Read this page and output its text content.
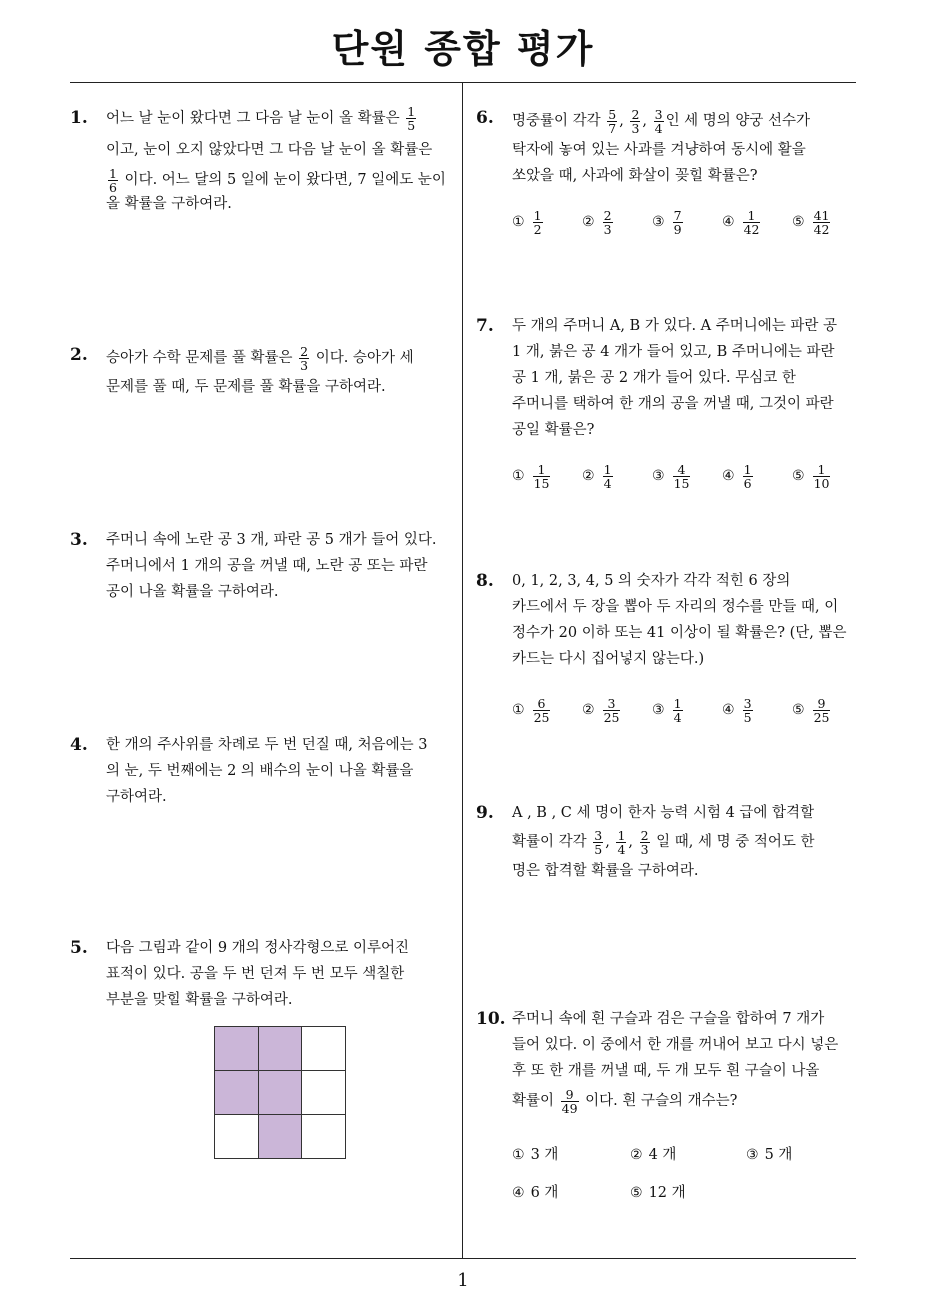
단원 종합 평가
1. 어느 날 눈이 왔다면 그 다음 날 눈이 올 확률은 $\frac{1}{5}$
이고, 눈이 오지 않았다면 그 다음 날 눈이 올 확률은
$\frac{1}{6}$ 이다. 어느 달의 5 일에 눈이 왔다면, 7 일에도 눈이
올 확률을 구하여라.
2. 승아가 수학 문제를 풀 확률은 $\frac{2}{3}$ 이다. 승아가 세
문제를 풀 때, 두 문제를 풀 확률을 구하여라.
3. 주머니 속에 노란 공 3 개, 파란 공 5 개가 들어 있다.
주머니에서 1 개의 공을 꺼낼 때, 노란 공 또는 파란
공이 나올 확률을 구하여라.
4. 한 개의 주사위를 차례로 두 번 던질 때, 처음에는 3
의 눈, 두 번째에는 2 의 배수의 눈이 나올 확률을
구하여라.
5. 다음 그림과 같이 9 개의 정사각형으로 이루어진
표적이 있다. 공을 두 번 던져 두 번 모두 색칠한
부분을 맞힐 확률을 구하여라.

6. 명중률이 각각 $\frac{5}{7}$ , $\frac{2}{3}$ , $\frac{3}{4}$ 인 세 명의 양궁 선수가
탁자에 놓여 있는 사과를 겨냥하여 동시에 활을
쏘았을 때, 사과에 화살이 꽂힐 확률은?
① $\frac{1}{2}$	② $\frac{2}{3}$	③ $\frac{7}{9}$	④ $\frac{1}{42}$ ⑤ $\frac{41}{42}$
7. 두 개의 주머니 A, B 가 있다. A 주머니에는 파란 공
1 개, 붉은 공 4 개가 들어 있고, B 주머니에는 파란
공 1 개, 붉은 공 2 개가 들어 있다. 무심코 한
주머니를 택하여 한 개의 공을 꺼낼 때, 그것이 파란
공일 확률은?
① $\frac{1}{15}$ ② $\frac{1}{4}$	③ $\frac{4}{15}$ ④ $\frac{1}{6}$	⑤ $\frac{1}{10}$
8. 0, 1, 2, 3, 4, 5 의 숫자가 각각 적힌 6 장의
카드에서 두 장을 뽑아 두 자리의 정수를 만들 때, 이
정수가 20 이하 또는 41 이상이 될 확률은? (단, 뽑은
카드는 다시 집어넣지 않는다.)
① $\frac{6}{25}$ ② $\frac{3}{25}$ ③ $\frac{1}{4}$	④ $\frac{3}{5}$	⑤ $\frac{9}{25}$
9. A , B , C 세 명이 한자 능력 시험 4 급에 합격할
확률이 각각 $\frac{3}{5}$ , $\frac{1}{4}$ , $\frac{2}{3}$ 일 때, 세 명 중 적어도 한
명은 합격할 확률을 구하여라.
10. 주머니 속에 흰 구슬과 검은 구슬을 합하여 7 개가
들어 있다. 이 중에서 한 개를 꺼내어 보고 다시 넣은
후 또 한 개를 꺼낼 때, 두 개 모두 흰 구슬이 나올
확률이 $\frac{9}{49}$ 이다. 흰 구슬의 개수는?
① 3 개	② 4 개	③ 5 개
④ 6 개	⑤ 12 개
1
